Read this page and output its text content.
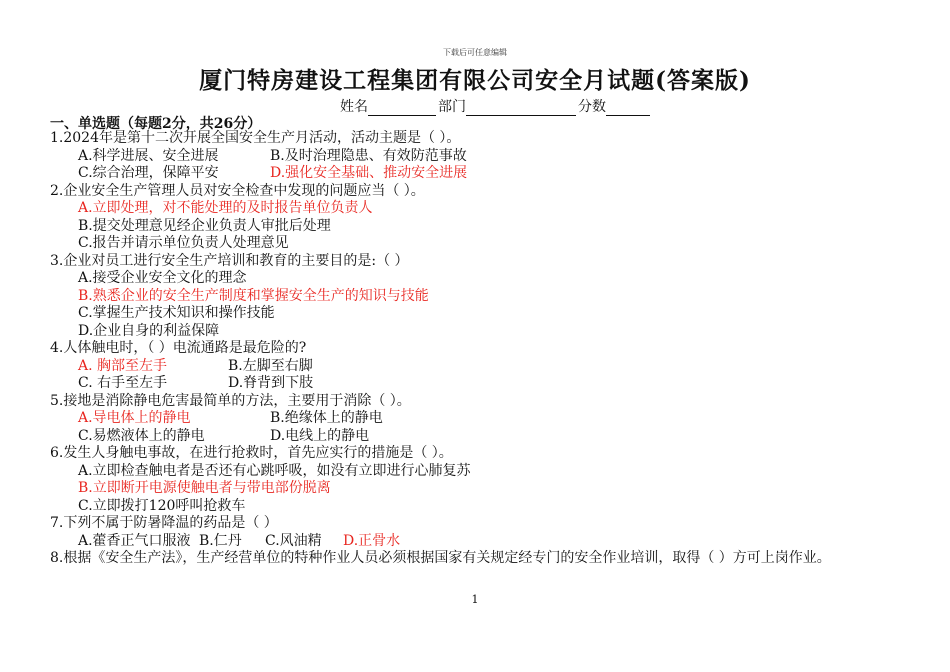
下载后可任意编辑
厦门特房建设工程集团有限公司安全月试题(答案版)
姓名	部门	分数
一、单选题（每题2分，共26分）
1.2024年是第十二次开展全国安全生产月活动，活动主题是（ ）。
A.科学进展、安全进展	B.及时治理隐患、有效防范事故
C.综合治理，保障平安	D.强化安全基础、推动安全进展
2.企业安全生产管理人员对安全检查中发现的问题应当（ ）。
A.立即处理，对不能处理的及时报告单位负责人
B.提交处理意见经企业负责人审批后处理
C.报告并请示单位负责人处理意见
3.企业对员工进行安全生产培训和教育的主要目的是:（ ）
A.接受企业安全文化的理念
B.熟悉企业的安全生产制度和掌握安全生产的知识与技能
C.掌握生产技术知识和操作技能
D.企业自身的利益保障
4.人体触电时，（ ）电流通路是最危险的?
A. 胸部至左手	B.左脚至右脚
C. 右手至左手	D.脊背到下肢
5.接地是消除静电危害最简单的方法，主要用于消除（ ）。
A.导电体上的静电	B.绝缘体上的静电
C.易燃液体上的静电	D.电线上的静电
6.发生人身触电事故，在进行抢救时，首先应实行的措施是（ ）。
A.立即检查触电者是否还有心跳呼吸，如没有立即进行心肺复苏
B.立即断开电源使触电者与带电部份脱离
C.立即拨打120呼叫抢救车
7.下列不属于防暑降温的药品是（ ）
A.藿香正气口服液 B.仁丹 C.风油精 D.正骨水
8.根据《安全生产法》，生产经营单位的特种作业人员必须根据国家有关规定经专门的安全作业培训，取得（ ）方可上岗作业。
1
